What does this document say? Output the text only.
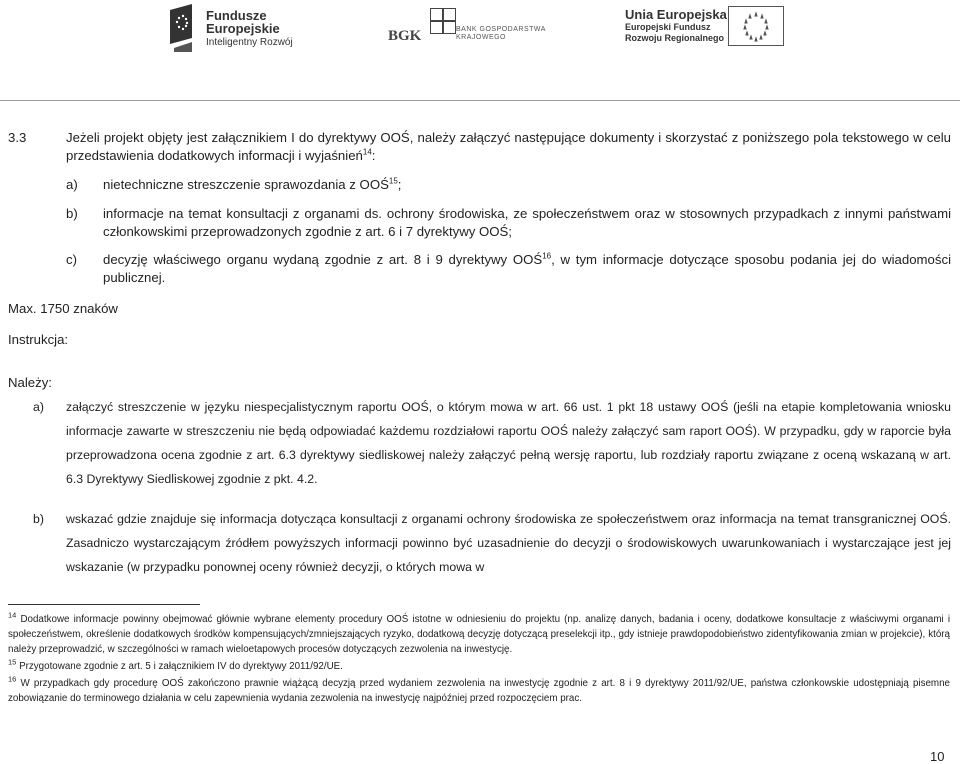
Fundusze
Europejskie
Inteligentny Rozwój	BGK	BANK GOSPODARSTWA KRAJOWEGO
Unia Europejska
Europejski Fundusz
Rozwoju Regionalnego
3.3	Jeżeli projekt objęty jest załącznikiem I do dyrektywy OOŚ, należy załączyć następujące dokumenty i skorzystać z poniższego pola tekstowego w celu przedstawienia dodatkowych informacji i wyjaśnień$^{14}$:
a) nietechniczne streszczenie sprawozdania z OOŚ$^{15}$;
b) informacje na temat konsultacji z organami ds. ochrony środowiska, ze społeczeństwem oraz w stosownych przypadkach z innymi państwami członkowskimi przeprowadzonych zgodnie z art. 6 i 7 dyrektywy OOŚ;
c) decyzję właściwego organu wydaną zgodnie z art. 8 i 9 dyrektywy OOŚ$^{16}$, w tym informacje dotyczące sposobu podania jej do wiadomości publicznej.
Max. 1750 znaków
Instrukcja:
Należy:
a) załączyć streszczenie w języku niespecjalistycznym raportu OOŚ, o którym mowa w art. 66 ust. 1 pkt 18 ustawy OOŚ (jeśli na etapie kompletowania wniosku informacje zawarte w streszczeniu nie będą odpowiadać każdemu rozdziałowi raportu OOŚ należy załączyć sam raport OOŚ). W przypadku, gdy w raporcie była przeprowadzona ocena zgodnie z art. 6.3 dyrektywy siedliskowej należy załączyć pełną wersję raportu, lub rozdziały raportu związane z oceną wskazaną w art. 6.3 Dyrektywy Siedliskowej zgodnie z pkt. 4.2.
b) wskazać gdzie znajduje się informacja dotycząca konsultacji z organami ochrony środowiska ze społeczeństwem oraz informacja na temat transgranicznej OOŚ. Zasadniczo wystarczającym źródłem powyższych informacji powinno być uzasadnienie do decyzji o środowiskowych uwarunkowaniach i wystarczające jest jej wskazanie (w przypadku ponownej oceny również decyzji, o których mowa w
$^{14}$ Dodatkowe informacje powinny obejmować głównie wybrane elementy procedury OOŚ istotne w odniesieniu do projektu (np. analizę danych, badania i oceny, dodatkowe konsultacje z właściwymi organami i społeczeństwem, określenie dodatkowych środków kompensujących/zmniejszających ryzyko, dodatkową decyzję dotyczącą preselekcji itp., gdy istnieje prawdopodobieństwo zidentyfikowania zmian w projekcie), którą należy przeprowadzić, w szczególności w ramach wieloetapowych procesów dotyczących zezwolenia na inwestycję.
$^{15}$ Przygotowane zgodnie z art. 5 i załącznikiem IV do dyrektywy 2011/92/UE.
$^{16}$ W przypadkach gdy procedurę OOŚ zakończono prawnie wiążącą decyzją przed wydaniem zezwolenia na inwestycję zgodnie z art. 8 i 9 dyrektywy 2011/92/UE, państwa członkowskie udostępniają pisemne zobowiązanie do terminowego działania w celu zapewnienia wydania zezwolenia na inwestycję najpóźniej przed rozpoczęciem prac.
10
